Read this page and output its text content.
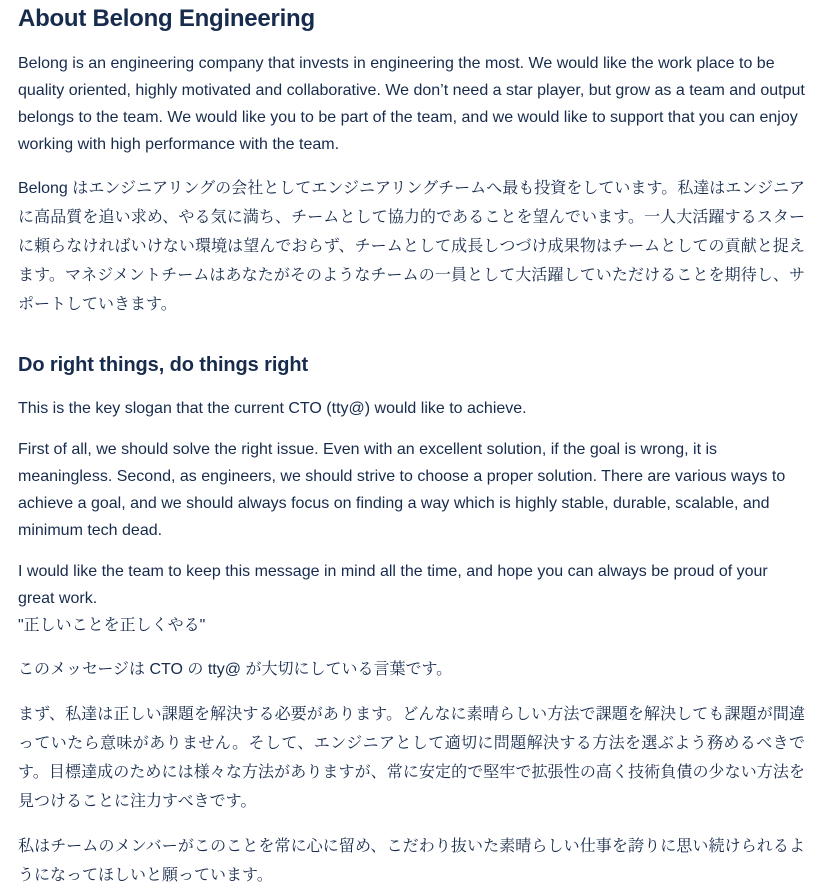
About Belong Engineering

Belong is an engineering company that invests in engineering the most. We would like the work place to be quality oriented, highly motivated and collaborative. We don’t need a star player, but grow as a team and output belongs to the team. We would like you to be part of the team, and we would like to support that you can enjoy working with high performance with the team.

Belong はエンジニアリングの会社としてエンジニアリングチームへ最も投資をしています。私達はエンジニアに高品質を追い求め、やる気に満ち、チームとして協力的であることを望んでいます。一人大活躍するスターに頼らなければいけない環境は望んでおらず、チームとして成長しつづけ成果物はチームとしての貢献と捉えます。マネジメントチームはあなたがそのようなチームの一員として大活躍していただけることを期待し、サポートしていきます。

Do right things, do things right

This is the key slogan that the current CTO (tty@) would like to achieve.

First of all, we should solve the right issue. Even with an excellent solution, if the goal is wrong, it is meaningless. Second, as engineers, we should strive to choose a proper solution. There are various ways to achieve a goal, and we should always focus on finding a way which is highly stable, durable, scalable, and minimum tech dead.

I would like the team to keep this message in mind all the time, and hope you can always be proud of your great work.
"正しいことを正しくやる"

このメッセージは CTO の tty@ が大切にしている言葉です。

まず、私達は正しい課題を解決する必要があります。どんなに素晴らしい方法で課題を解決しても課題が間違っていたら意味がありません。そして、エンジニアとして適切に問題解決する方法を選ぶよう務めるべきです。目標達成のためには様々な方法がありますが、常に安定的で堅牢で拡張性の高く技術負債の少ない方法を見つけることに注力すべきです。

私はチームのメンバーがこのことを常に心に留め、こだわり抜いた素晴らしい仕事を誇りに思い続けられるようになってほしいと願っています。
